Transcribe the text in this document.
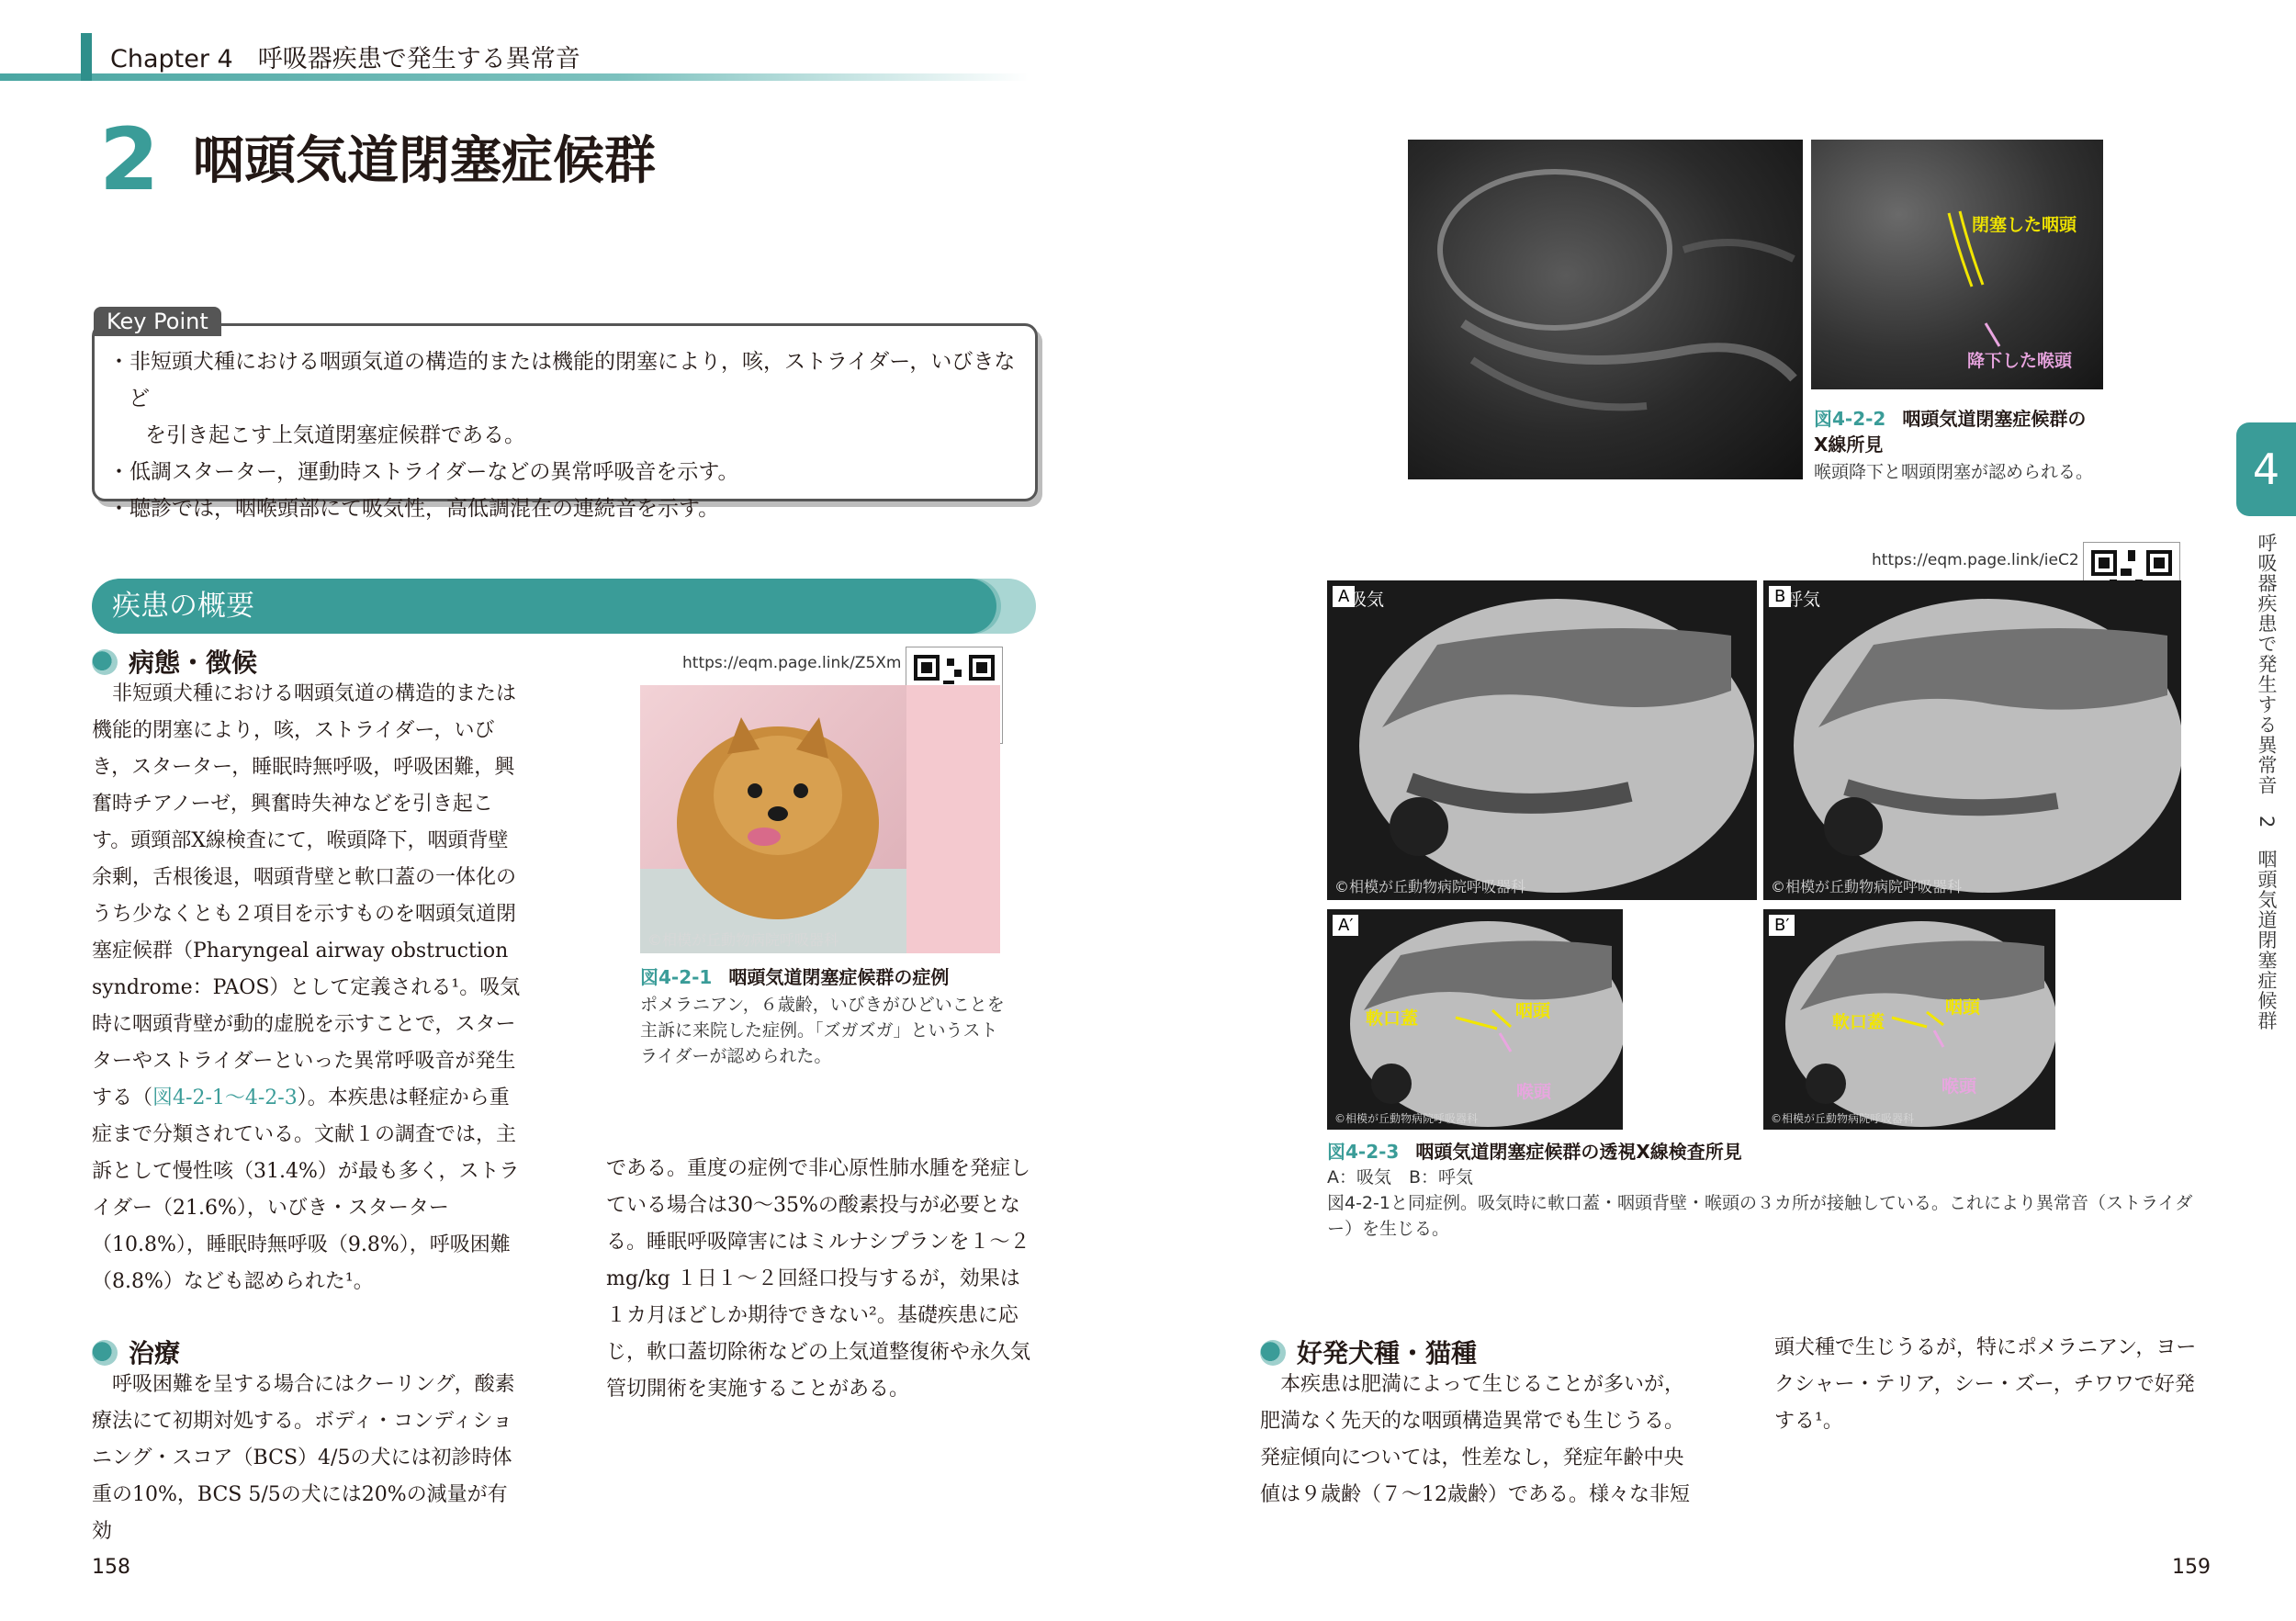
Chapter 4　呼吸器疾患で発生する異常音
2 咽頭気道閉塞症候群
Key Point
・非短頭犬種における咽頭気道の構造的または機能的閉塞により，咳，ストライダー，いびきなど
を引き起こす上気道閉塞症候群である。
・低調スターター，運動時ストライダーなどの異常呼吸音を示す。
・聴診では，咽喉頭部にて吸気性，高低調混在の連続音を示す。
疾患の概要
病態・徴候

非短頭犬種における咽頭気道の構造的または機能的閉塞により，咳，ストライダー，いびき，スターター，睡眠時無呼吸，呼吸困難，興奮時チアノーゼ，興奮時失神などを引き起こす。頭頸部X線検査にて，喉頭降下，咽頭背壁余剰，舌根後退，咽頭背壁と軟口蓋の一体化のうち少なくとも２項目を示すものを咽頭気道閉塞症候群（Pharyngeal airway obstruction syndrome：PAOS）として定義される¹。吸気時に咽頭背壁が動的虚脱を示すことで，スターターやストライダーといった異常呼吸音が発生する（図4-2-1～4-2-3）。本疾患は軽症から重症まで分類されている。文献１の調査では，主訴として慢性咳（31.4%）が最も多く，ストライダー（21.6%），いびき・スターター（10.8%），睡眠時無呼吸（9.8%），呼吸困難（8.8%）なども認められた¹。

治療

呼吸困難を呈する場合にはクーリング，酸素療法にて初期対処する。ボディ・コンディショニング・スコア（BCS）4/5の犬には初診時体重の10%，BCS 5/5の犬には20%の減量が有効

である。重度の症例で非心原性肺水腫を発症している場合は30～35%の酸素投与が必要となる。睡眠呼吸障害にはミルナシプランを１～２mg/kg １日１～２回経口投与するが，効果は１カ月ほどしか期待できない²。基礎疾患に応じ，軟口蓋切除術などの上気道整復術や永久気管切開術を実施することがある。

https://eqm.page.link/Z5Xm
©相模が丘動物病院呼吸器科
図4-2-1 咽頭気道閉塞症候群の症例
ポメラニアン，６歳齢，いびきがひどいことを主訴に来院した症例。「ズガズガ」というストライダーが認められた。
閉塞した咽頭
降下した喉頭
図4-2-2 咽頭気道閉塞症候群の
X線所見
喉頭降下と咽頭閉塞が認められる。	4
呼吸器疾患で発生する異常音　2　咽頭気道閉塞症候群
https://eqm.page.link/ieC2
A 吸気
©相模が丘動物病院呼吸器科
B 呼気
©相模が丘動物病院呼吸器科
A′
軟口蓋	咽頭
喉頭
©相模が丘動物病院呼吸器科
B′
軟口蓋
咽頭
喉頭
©相模が丘動物病院呼吸器科
図4-2-3 咽頭気道閉塞症候群の透視X線検査所見
A：吸気　B：呼気
図4-2-1と同症例。吸気時に軟口蓋・咽頭背壁・喉頭の３カ所が接触している。これにより異常音（ストライダー）を生じる。
好発犬種・猫種

本疾患は肥満によって生じることが多いが，肥満なく先天的な咽頭構造異常でも生じうる。発症傾向については，性差なし，発症年齢中央値は９歳齢（７～12歳齢）である。様々な非短

頭犬種で生じうるが，特にポメラニアン，ヨークシャー・テリア，シー・ズー，チワワで好発する¹。

158	159
